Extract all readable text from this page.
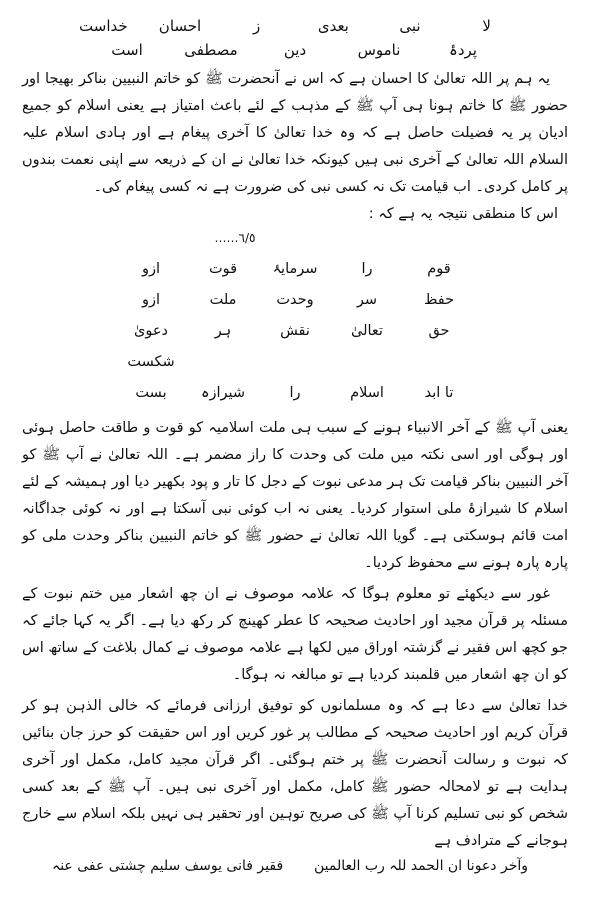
لا
نبی
بعدی
ز
احسان
خداست
پردۂ
ناموس
دین
مصطفی
است

یہ ہم پر اللہ تعالیٰ کا احسان ہے کہ اس نے آنحضرت ﷺ کو خاتم النبیین بناکر بھیجا اور حضور ﷺ کا خاتم ہونا ہی آپ ﷺ کے مذہب کے لئے باعث امتیاز ہے یعنی اسلام کو جمیع ادیان پر یہ فضیلت حاصل ہے کہ وہ خدا تعالیٰ کا آخری پیغام ہے اور ہادی اسلام علیہ السلام اللہ تعالیٰ کے آخری نبی ہیں کیونکہ خدا تعالیٰ نے ان کے ذریعہ سے اپنی نعمت بندوں پر کامل کردی۔ اب قیامت تک نہ کسی نبی کی ضرورت ہے نہ کسی پیغام کی۔

اس کا منطقی نتیجہ یہ ہے کہ :

……٦/٥
قوم
را
سرمایۂ
قوت
ازو
حفظ
سر
وحدت
ملت
ازو
حق
تعالیٰ
نقش
ہر
دعویٰ شکست
تا ابد
اسلام
را
شیرازہ
بست

یعنی آپ ﷺ کے آخر الانبیاء ہونے کے سبب ہی ملت اسلامیہ کو قوت و طاقت حاصل ہوئی اور ہوگی اور اسی نکتہ میں ملت کی وحدت کا راز مضمر ہے۔ اللہ تعالیٰ نے آپ ﷺ کو آخر النبیین بناکر قیامت تک ہر مدعی نبوت کے دجل کا تار و پود بکھیر دیا اور ہمیشہ کے لئے اسلام کا شیرازۂ ملی استوار کردیا۔ یعنی نہ اب کوئی نبی آسکتا ہے اور نہ کوئی جداگانہ امت قائم ہوسکتی ہے۔ گویا اللہ تعالیٰ نے حضور ﷺ کو خاتم النبیین بناکر وحدت ملی کو پارہ پارہ ہونے سے محفوظ کردیا۔

غور سے دیکھئے تو معلوم ہوگا کہ علامہ موصوف نے ان چھ اشعار میں ختم نبوت کے مسئلہ پر قرآن مجید اور احادیث صحیحہ کا عطر کھینچ کر رکھ دیا ہے۔ اگر یہ کہا جائے کہ جو کچھ اس فقیر نے گزشتہ اوراق میں لکھا ہے علامہ موصوف نے کمال بلاغت کے ساتھ اس کو ان چھ اشعار میں قلمبند کردیا ہے تو مبالغہ نہ ہوگا۔

خدا تعالیٰ سے دعا ہے کہ وہ مسلمانوں کو توفیق ارزانی فرمائے کہ خالی الذہن ہو کر قرآن کریم اور احادیث صحیحہ کے مطالب پر غور کریں اور اس حقیقت کو حرز جان بنائیں کہ نبوت و رسالت آنحضرت ﷺ پر ختم ہوگئی۔ اگر قرآن مجید کامل، مکمل اور آخری ہدایت ہے تو لامحالہ حضور ﷺ کامل، مکمل اور آخری نبی ہیں۔ آپ ﷺ کے بعد کسی شخص کو نبی تسلیم کرنا آپ ﷺ کی صریح توہین اور تحقیر ہی نہیں بلکہ اسلام سے خارج ہوجانے کے مترادف ہے

وآخر دعونا ان الحمد للہ رب العالمین
فقیر فانی یوسف سلیم چشتی عفی عنہ
